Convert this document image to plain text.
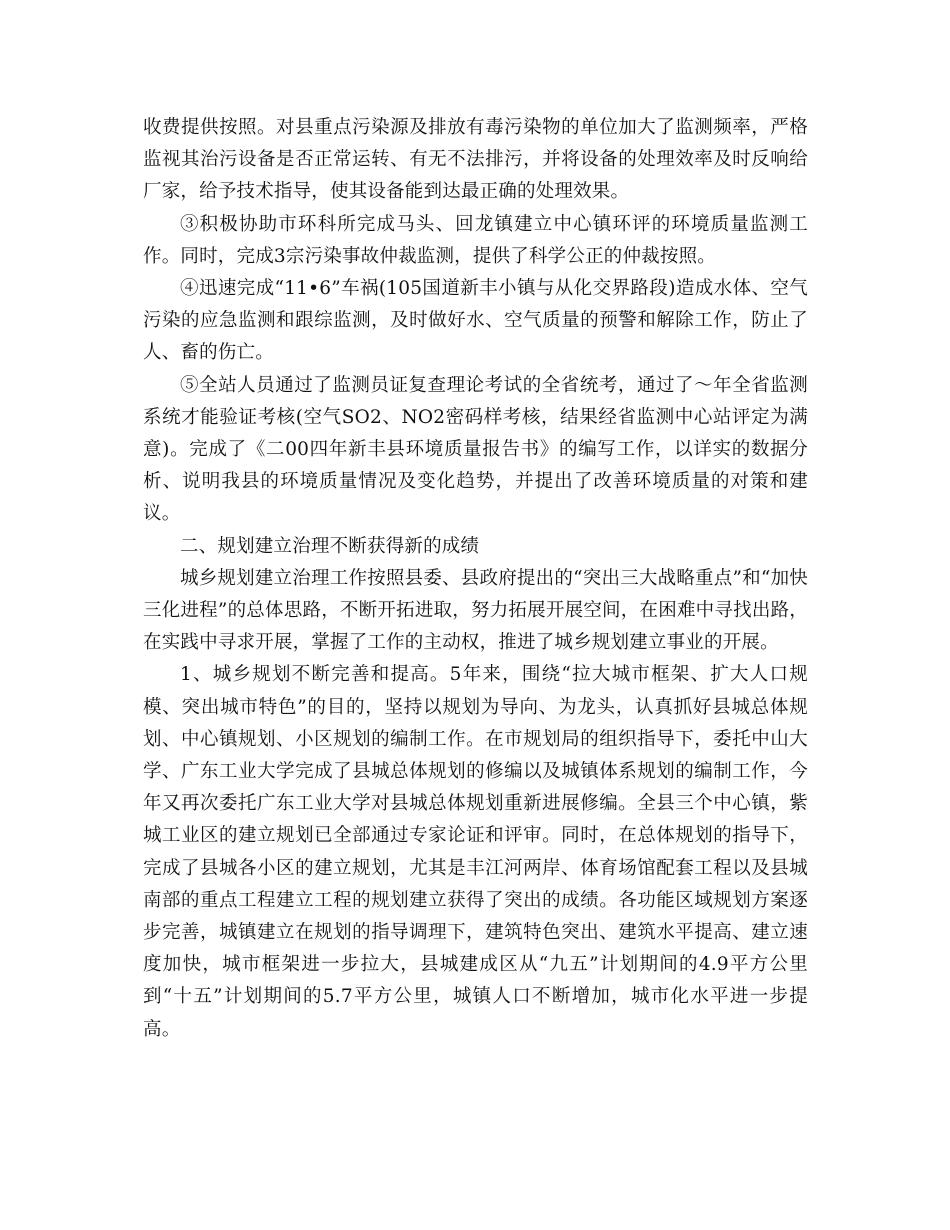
收费提供按照。对县重点污染源及排放有毒污染物的单位加大了监测频率，严格监视其治污设备是否正常运转、有无不法排污，并将设备的处理效率及时反响给厂家，给予技术指导，使其设备能到达最正确的处理效果。

③积极协助市环科所完成马头、回龙镇建立中心镇环评的环境质量监测工作。同时，完成3宗污染事故仲裁监测，提供了科学公正的仲裁按照。

④迅速完成“11•6”车祸(105国道新丰小镇与从化交界路段)造成水体、空气污染的应急监测和跟综监测，及时做好水、空气质量的预警和解除工作，防止了人、畜的伤亡。

⑤全站人员通过了监测员证复查理论考试的全省统考，通过了～年全省监测系统才能验证考核(空气SO2、NO2密码样考核，结果经省监测中心站评定为满意)。完成了《二00四年新丰县环境质量报告书》的编写工作，以详实的数据分析、说明我县的环境质量情况及变化趋势，并提出了改善环境质量的对策和建议。

二、规划建立治理不断获得新的成绩

城乡规划建立治理工作按照县委、县政府提出的“突出三大战略重点”和“加快三化进程”的总体思路，不断开拓进取，努力拓展开展空间，在困难中寻找出路，在实践中寻求开展，掌握了工作的主动权，推进了城乡规划建立事业的开展。

1、城乡规划不断完善和提高。5年来，围绕“拉大城市框架、扩大人口规模、突出城市特色”的目的，坚持以规划为导向、为龙头，认真抓好县城总体规划、中心镇规划、小区规划的编制工作。在市规划局的组织指导下，委托中山大学、广东工业大学完成了县城总体规划的修编以及城镇体系规划的编制工作，今年又再次委托广东工业大学对县城总体规划重新进展修编。全县三个中心镇，紫城工业区的建立规划已全部通过专家论证和评审。同时，在总体规划的指导下，完成了县城各小区的建立规划，尤其是丰江河两岸、体育场馆配套工程以及县城南部的重点工程建立工程的规划建立获得了突出的成绩。各功能区域规划方案逐步完善，城镇建立在规划的指导调理下，建筑特色突出、建筑水平提高、建立速度加快，城市框架进一步拉大，县城建成区从“九五”计划期间的4.9平方公里到“十五”计划期间的5.7平方公里，城镇人口不断增加，城市化水平进一步提高。
